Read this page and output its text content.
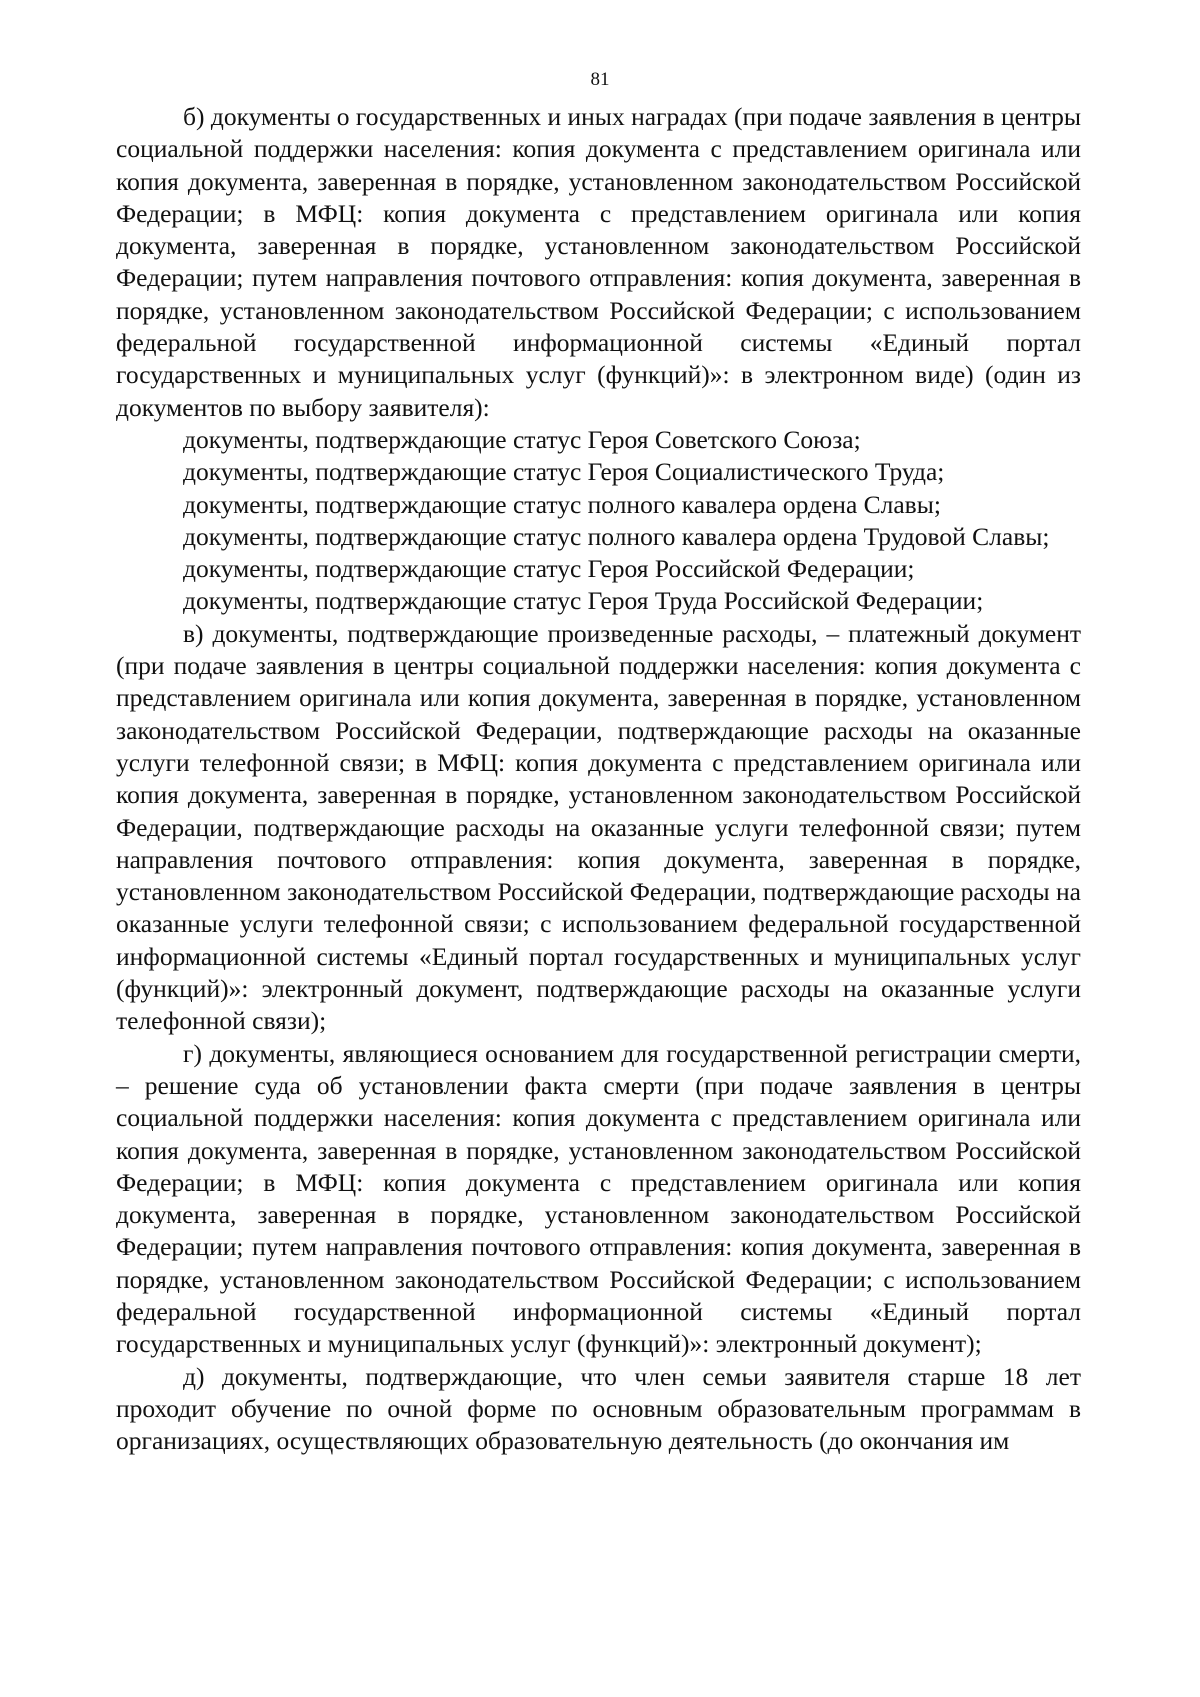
81

б) документы о государственных и иных наградах (при подаче заявления в центры социальной поддержки населения: копия документа с представлением оригинала или копия документа, заверенная в порядке, установленном законодательством Российской Федерации; в МФЦ: копия документа с представлением оригинала или копия документа, заверенная в порядке, установленном законодательством Российской Федерации; путем направления почтового отправления: копия документа, заверенная в порядке, установленном законодательством Российской Федерации; с использованием федеральной государственной информационной системы «Единый портал государственных и муниципальных услуг (функций)»: в электронном виде) (один из документов по выбору заявителя):

документы, подтверждающие статус Героя Советского Союза;

документы, подтверждающие статус Героя Социалистического Труда;

документы, подтверждающие статус полного кавалера ордена Славы;

документы, подтверждающие статус полного кавалера ордена Трудовой Славы;

документы, подтверждающие статус Героя Российской Федерации;

документы, подтверждающие статус Героя Труда Российской Федерации;

в) документы, подтверждающие произведенные расходы, – платежный документ (при подаче заявления в центры социальной поддержки населения: копия документа с представлением оригинала или копия документа, заверенная в порядке, установленном законодательством Российской Федерации, подтверждающие расходы на оказанные услуги телефонной связи; в МФЦ: копия документа с представлением оригинала или копия документа, заверенная в порядке, установленном законодательством Российской Федерации, подтверждающие расходы на оказанные услуги телефонной связи; путем направления почтового отправления: копия документа, заверенная в порядке, установленном законодательством Российской Федерации, подтверждающие расходы на оказанные услуги телефонной связи; с использованием федеральной государственной информационной системы «Единый портал государственных и муниципальных услуг (функций)»: электронный документ, подтверждающие расходы на оказанные услуги телефонной связи);

г) документы, являющиеся основанием для государственной регистрации смерти, – решение суда об установлении факта смерти (при подаче заявления в центры социальной поддержки населения: копия документа с представлением оригинала или копия документа, заверенная в порядке, установленном законодательством Российской Федерации; в МФЦ: копия документа с представлением оригинала или копия документа, заверенная в порядке, установленном законодательством Российской Федерации; путем направления почтового отправления: копия документа, заверенная в порядке, установленном законодательством Российской Федерации; с использованием федеральной государственной информационной системы «Единый портал государственных и муниципальных услуг (функций)»: электронный документ);

д) документы, подтверждающие, что член семьи заявителя старше 18 лет проходит обучение по очной форме по основным образовательным программам в организациях, осуществляющих образовательную деятельность (до окончания им
